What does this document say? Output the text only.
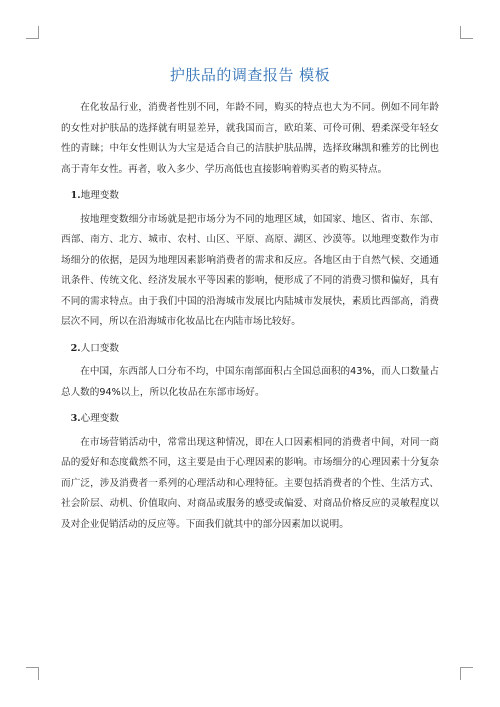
护肤品的调查报告 模板

在化妆品行业，消费者性别不同，年龄不同，购买的特点也大为不同。例如不同年龄的女性对护肤品的选择就有明显差异，就我国而言，欧珀莱、可伶可俐、碧柔深受年轻女性的青睐；中年女性则认为大宝是适合自己的洁肤护肤品牌，选择玫琳凯和雅芳的比例也高于青年女性。再者，收入多少、学历高低也直接影响着购买者的购买特点。

1.地理变数

按地理变数细分市场就是把市场分为不同的地理区域，如国家、地区、省市、东部、西部、南方、北方、城市、农村、山区、平原、高原、湖区、沙漠等。以地理变数作为市场细分的依据，是因为地理因素影响消费者的需求和反应。各地区由于自然气候、交通通讯条件、传统文化、经济发展水平等因素的影响，便形成了不同的消费习惯和偏好，具有不同的需求特点。由于我们中国的沿海城市发展比内陆城市发展快，素质比西部高，消费层次不同，所以在沿海城市化妆品比在内陆市场比较好。

2.人口变数

在中国，东西部人口分布不均，中国东南部面积占全国总面积的43%，而人口数量占总人数的94%以上，所以化妆品在东部市场好。

3.心理变数

在市场营销活动中，常常出现这种情况，即在人口因素相同的消费者中间，对同一商品的爱好和态度截然不同，这主要是由于心理因素的影响。市场细分的心理因素十分复杂而广泛，涉及消费者一系列的心理活动和心理特征。主要包括消费者的个性、生活方式、社会阶层、动机、价值取向、对商品或服务的感受或偏爱、对商品价格反应的灵敏程度以及对企业促销活动的反应等。下面我们就其中的部分因素加以说明。
